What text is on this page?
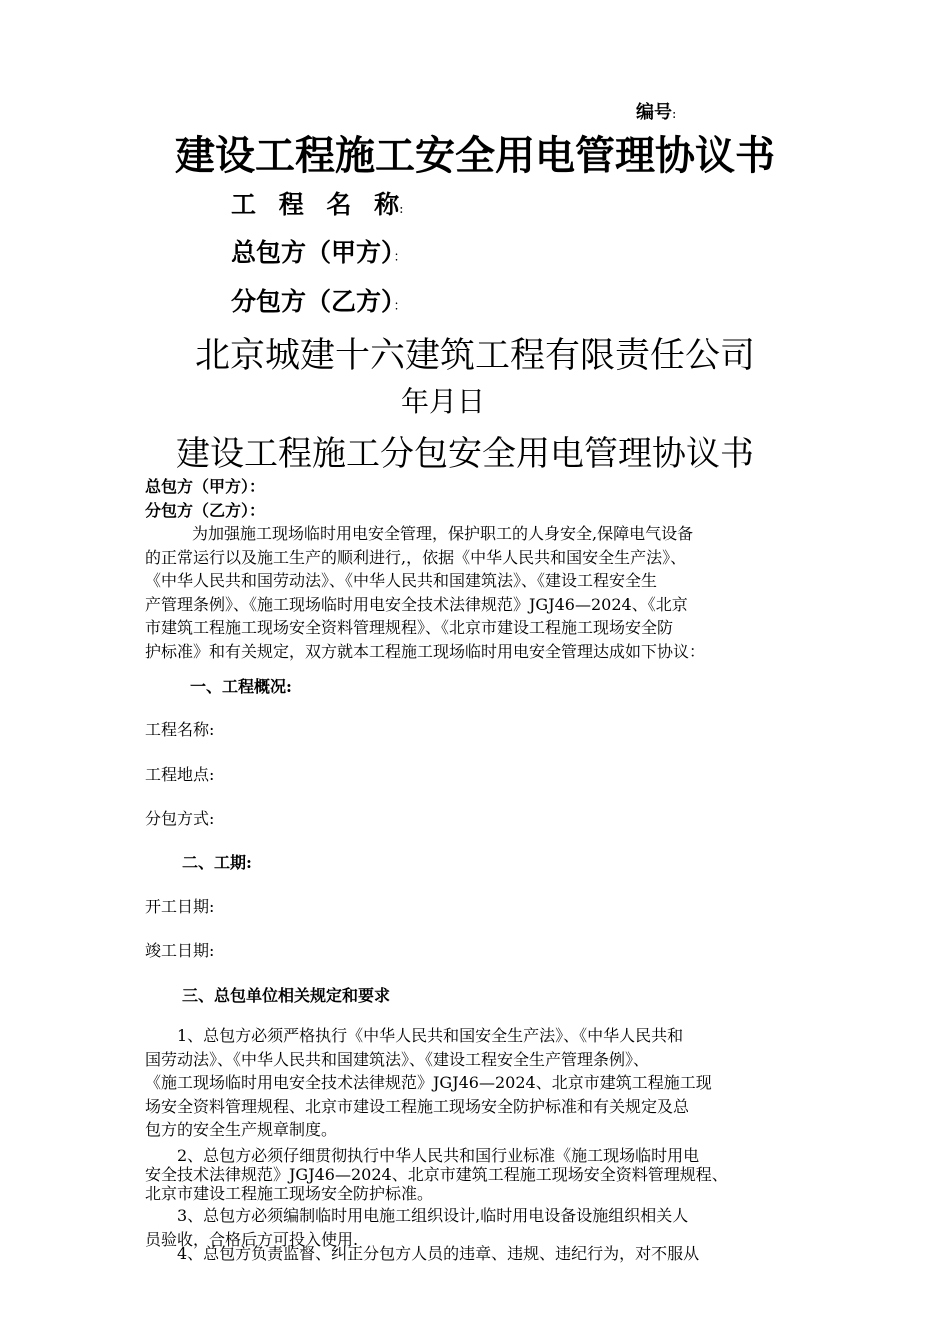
编号:
建设工程施工安全用电管理协议书
工 程 名 称:
总包方（甲方）：
分包方（乙方）：
北京城建十六建筑工程有限责任公司
年月日
建设工程施工分包安全用电管理协议书
总包方（甲方）：
分包方（乙方）：
为加强施工现场临时用电安全管理，保护职工的人身安全,保障电气设备
的正常运行以及施工生产的顺利进行,，依据《中华人民共和国安全生产法》、
《中华人民共和国劳动法》、《中华人民共和国建筑法》、《建设工程安全生
产管理条例》、《施工现场临时用电安全技术法律规范》JGJ46—2024、《北京
市建筑工程施工现场安全资料管理规程》、《北京市建设工程施工现场安全防
护标准》和有关规定，双方就本工程施工现场临时用电安全管理达成如下协议：
一、工程概况:
工程名称:
工程地点:
分包方式:
二、工期:
开工日期:
竣工日期:
三、总包单位相关规定和要求
1、总包方必须严格执行《中华人民共和国安全生产法》、《中华人民共和
国劳动法》、《中华人民共和国建筑法》、《建设工程安全生产管理条例》、
《施工现场临时用电安全技术法律规范》JGJ46—2024、北京市建筑工程施工现
场安全资料管理规程、北京市建设工程施工现场安全防护标准和有关规定及总
包方的安全生产规章制度。
2、总包方必须仔细贯彻执行中华人民共和国行业标准《施工现场临时用电
安全技术法律规范》JGJ46—2024、北京市建筑工程施工现场安全资料管理规程、
北京市建设工程施工现场安全防护标准。
3、总包方必须编制临时用电施工组织设计,临时用电设备设施组织相关人
员验收，合格后方可投入使用.
4、总包方负责监督、纠正分包方人员的违章、违规、违纪行为，对不服从
